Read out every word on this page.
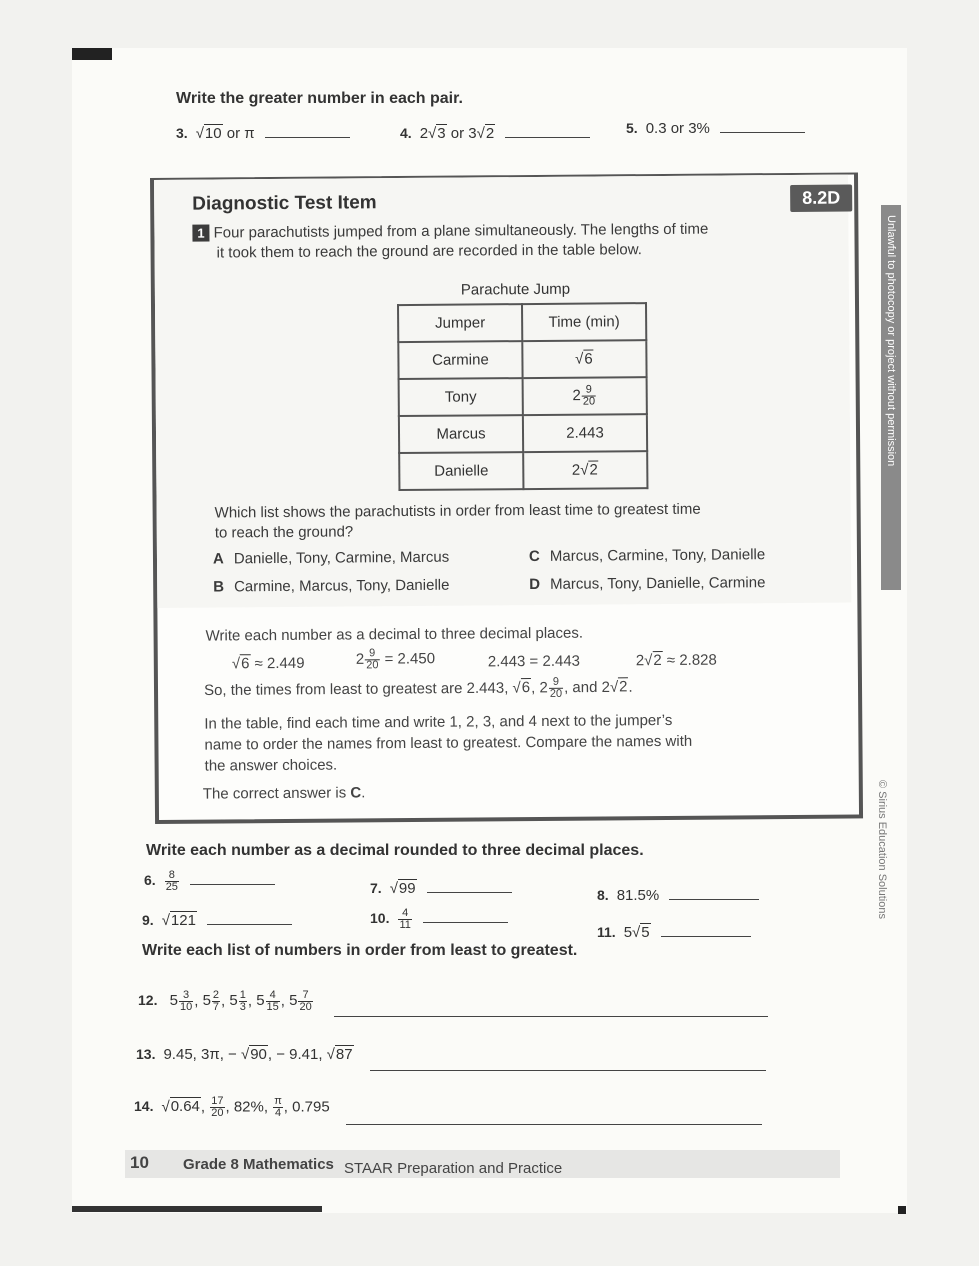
Write the greater number in each pair.
3. √10 or π	4. 2√3 or 3√2	5. 0.3 or 3%
Unlawful to photocopy or project without permission
© Sirius Education Solutions
Diagnostic Test Item	8.2D
1 Four parachutists jumped from a plane simultaneously. The lengths of time
it took them to reach the ground are recorded in the table below.
Parachute Jump
Jumper	Time (min)
Carmine	√6
Tony	$2 \frac{9}{20}$

Marcus	2.443
Danielle	2√2
Which list shows the parachutists in order from least time to greatest time
to reach the ground?
A Danielle, Tony, Carmine, Marcus
B Carmine, Marcus, Tony, Danielle
C Marcus, Carmine, Tony, Danielle
D Marcus, Tony, Danielle, Carmine
Write each number as a decimal to three decimal places.
√6 ≈ 2.449	$2 \frac{9}{20} = 2.450$	2.443 = 2.443	2√2 ≈ 2.828
So, the times from least to greatest are 2.443, √6, $2 \frac{9}{20}$ , and 2√2.
In the table, find each time and write 1, 2, 3, and 4 next to the jumper’s
name to order the names from least to greatest. Compare the names with
the answer choices.
The correct answer is C.
Write each number as a decimal rounded to three decimal places.
6. $\frac{8}{25}$
	7. √99	8. 81.5%
9. √121	10. $\frac{4}{11}$

11. 5√5
Write each list of numbers in order from least to greatest.
12. $5 \frac{3}{10}$ , $5 \frac{2}{7}$ , $5 \frac{1}{3}$ , $5 \frac{4}{15}$ , $5 \frac{7}{20}$
13. 9.45, 3π, − √90, − 9.41, √87
14. √0.64, $\frac{17}{20}$ , 82%, $\frac{\pi}{4}$ , 0.795
10 Grade 8 Mathematics STAAR Preparation and Practice
